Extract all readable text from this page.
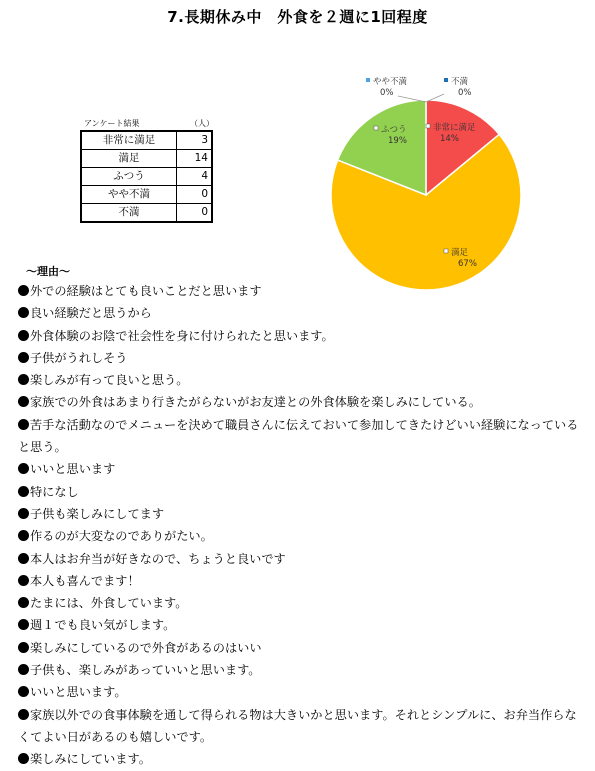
7.長期休み中　外食を２週に1回程度
アンケート結果	（人）
非常に満足	3
満足	14
ふつう	4
やや不満	0
不満	0
非常に満足
14%
満足
67%
ふつう
19%
やや不満
0%
不満
0%
～理由～
外での経験はとても良いことだと思います
良い経験だと思うから
外食体験のお陰で社会性を身に付けられたと思います。
子供がうれしそう
楽しみが有って良いと思う。
家族での外食はあまり行きたがらないがお友達との外食体験を楽しみにしている。
苦手な活動なのでメニューを決めて職員さんに伝えておいて参加してきたけどいい経験になっていると思う。
いいと思います
特になし
子供も楽しみにしてます
作るのが大変なのでありがたい。
本人はお弁当が好きなので、ちょうと良いです
本人も喜んでます！
たまには、外食しています。
週１でも良い気がします。
楽しみにしているので外食があるのはいい
子供も、楽しみがあっていいと思います。
いいと思います。
家族以外での食事体験を通して得られる物は大きいかと思います。それとシンプルに、お弁当作らなくてよい日があるのも嬉しいです。
楽しみにしています。
